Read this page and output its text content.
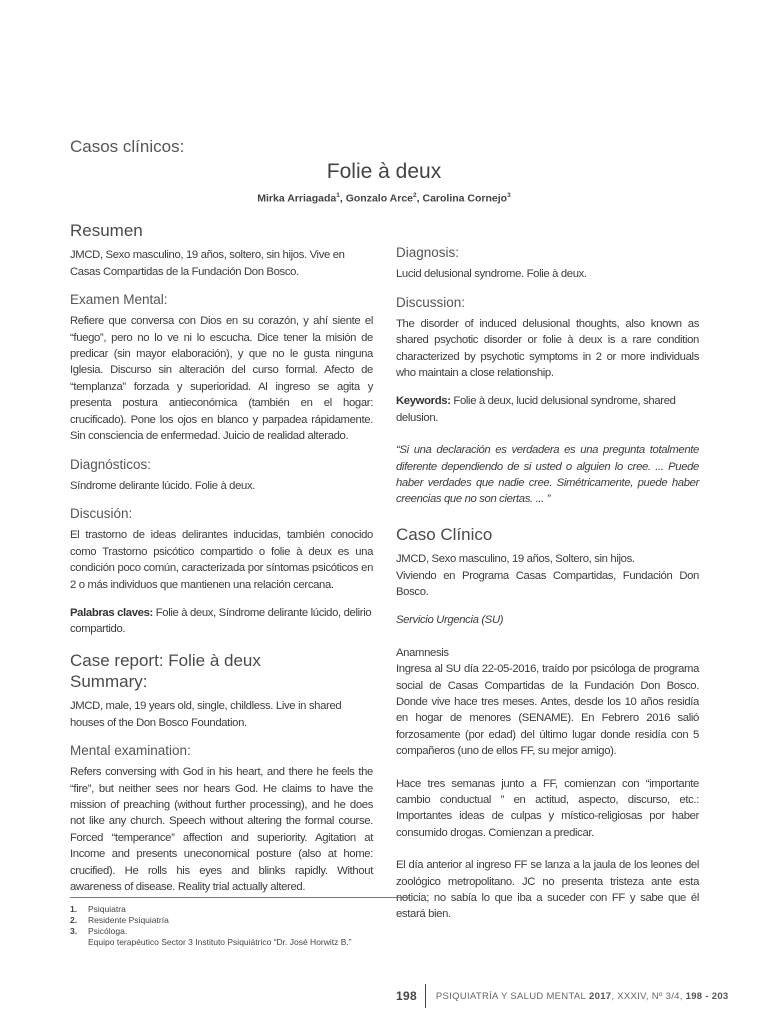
Casos clínicos:
Folie à deux
Mirka Arriagada$^1$, Gonzalo Arce$^2$, Carolina Cornejo$^3$
Resumen

JMCD, Sexo masculino, 19 años, soltero, sin hijos. Vive en Casas Compartidas de la Fundación Don Bosco.

Examen Mental:

Refiere que conversa con Dios en su corazón, y ahí siente el “fuego”, pero no lo ve ni lo escucha. Dice tener la misión de predicar (sin mayor elaboración), y que no le gusta ninguna Iglesia. Discurso sin alteración del curso formal. Afecto de “templanza” forzada y superioridad. Al ingreso se agita y presenta postura antieconómica (también en el hogar: crucificado). Pone los ojos en blanco y parpadea rápidamente. Sin consciencia de enfermedad. Juicio de realidad alterado.

Diagnósticos:

Síndrome delirante lúcido. Folie à deux.

Discusión:

El trastorno de ideas delirantes inducidas, también conocido como Trastorno psicótico compartido o folie à deux es una condición poco común, caracterizada por síntomas psicóticos en 2 o más individuos que mantienen una relación cercana.

Palabras claves: Folie à deux, Síndrome delirante lúcido, delirio compartido.

Case report: Folie à deux
Summary:

JMCD, male, 19 years old, single, childless. Live in shared houses of the Don Bosco Foundation.

Mental examination:

Refers conversing with God in his heart, and there he feels the “fire”, but neither sees nor hears God. He claims to have the mission of preaching (without further processing), and he does not like any church. Speech without altering the formal course. Forced “temperance” affection and superiority. Agitation at Income and presents uneconomical posture (also at home: crucified). He rolls his eyes and blinks rapidly. Without awareness of disease. Reality trial actually altered.

Diagnosis:

Lucid delusional syndrome. Folie à deux.

Discussion:

The disorder of induced delusional thoughts, also known as shared psychotic disorder or folie à deux is a rare condition characterized by psychotic symptoms in 2 or more individuals who maintain a close relationship.

Keywords: Folie à deux, lucid delusional syndrome, shared delusion.

“Si una declaración es verdadera es una pregunta totalmente diferente dependiendo de si usted o alguien lo cree. ... Puede haber verdades que nadie cree. Simétricamente, puede haber creencias que no son ciertas. ... ”

Caso Clínico

JMCD, Sexo masculino, 19 años, Soltero, sin hijos.

Viviendo en Programa Casas Compartidas, Fundación Don Bosco.

Servicio Urgencia (SU)

Anamnesis

Ingresa al SU día 22-05-2016, traído por psicóloga de programa social de Casas Compartidas de la Fundación Don Bosco. Donde vive hace tres meses. Antes, desde los 10 años residía en hogar de menores (SENAME). En Febrero 2016 salió forzosamente (por edad) del último lugar donde residía con 5 compañeros (uno de ellos FF, su mejor amigo).

Hace tres semanas junto a FF, comienzan con “importante cambio conductual ” en actitud, aspecto, discurso, etc.: Importantes ideas de culpas y místico-religiosas por haber consumido drogas. Comienzan a predicar.

El día anterior al ingreso FF se lanza a la jaula de los leones del zoológico metropolitano. JC no presenta tristeza ante esta noticia; no sabía lo que iba a suceder con FF y sabe que él estará bien.

1.	Psiquiatra
2.	Residente Psiquiatría
3.	Psicóloga.
Equipo terapéutico Sector 3 Instituto Psiquiátrico “Dr. José Horwitz B.”
198 PSIQUIATRÍA Y SALUD MENTAL
2017 , XXXIV, Nº 3/4,
198 - 203
